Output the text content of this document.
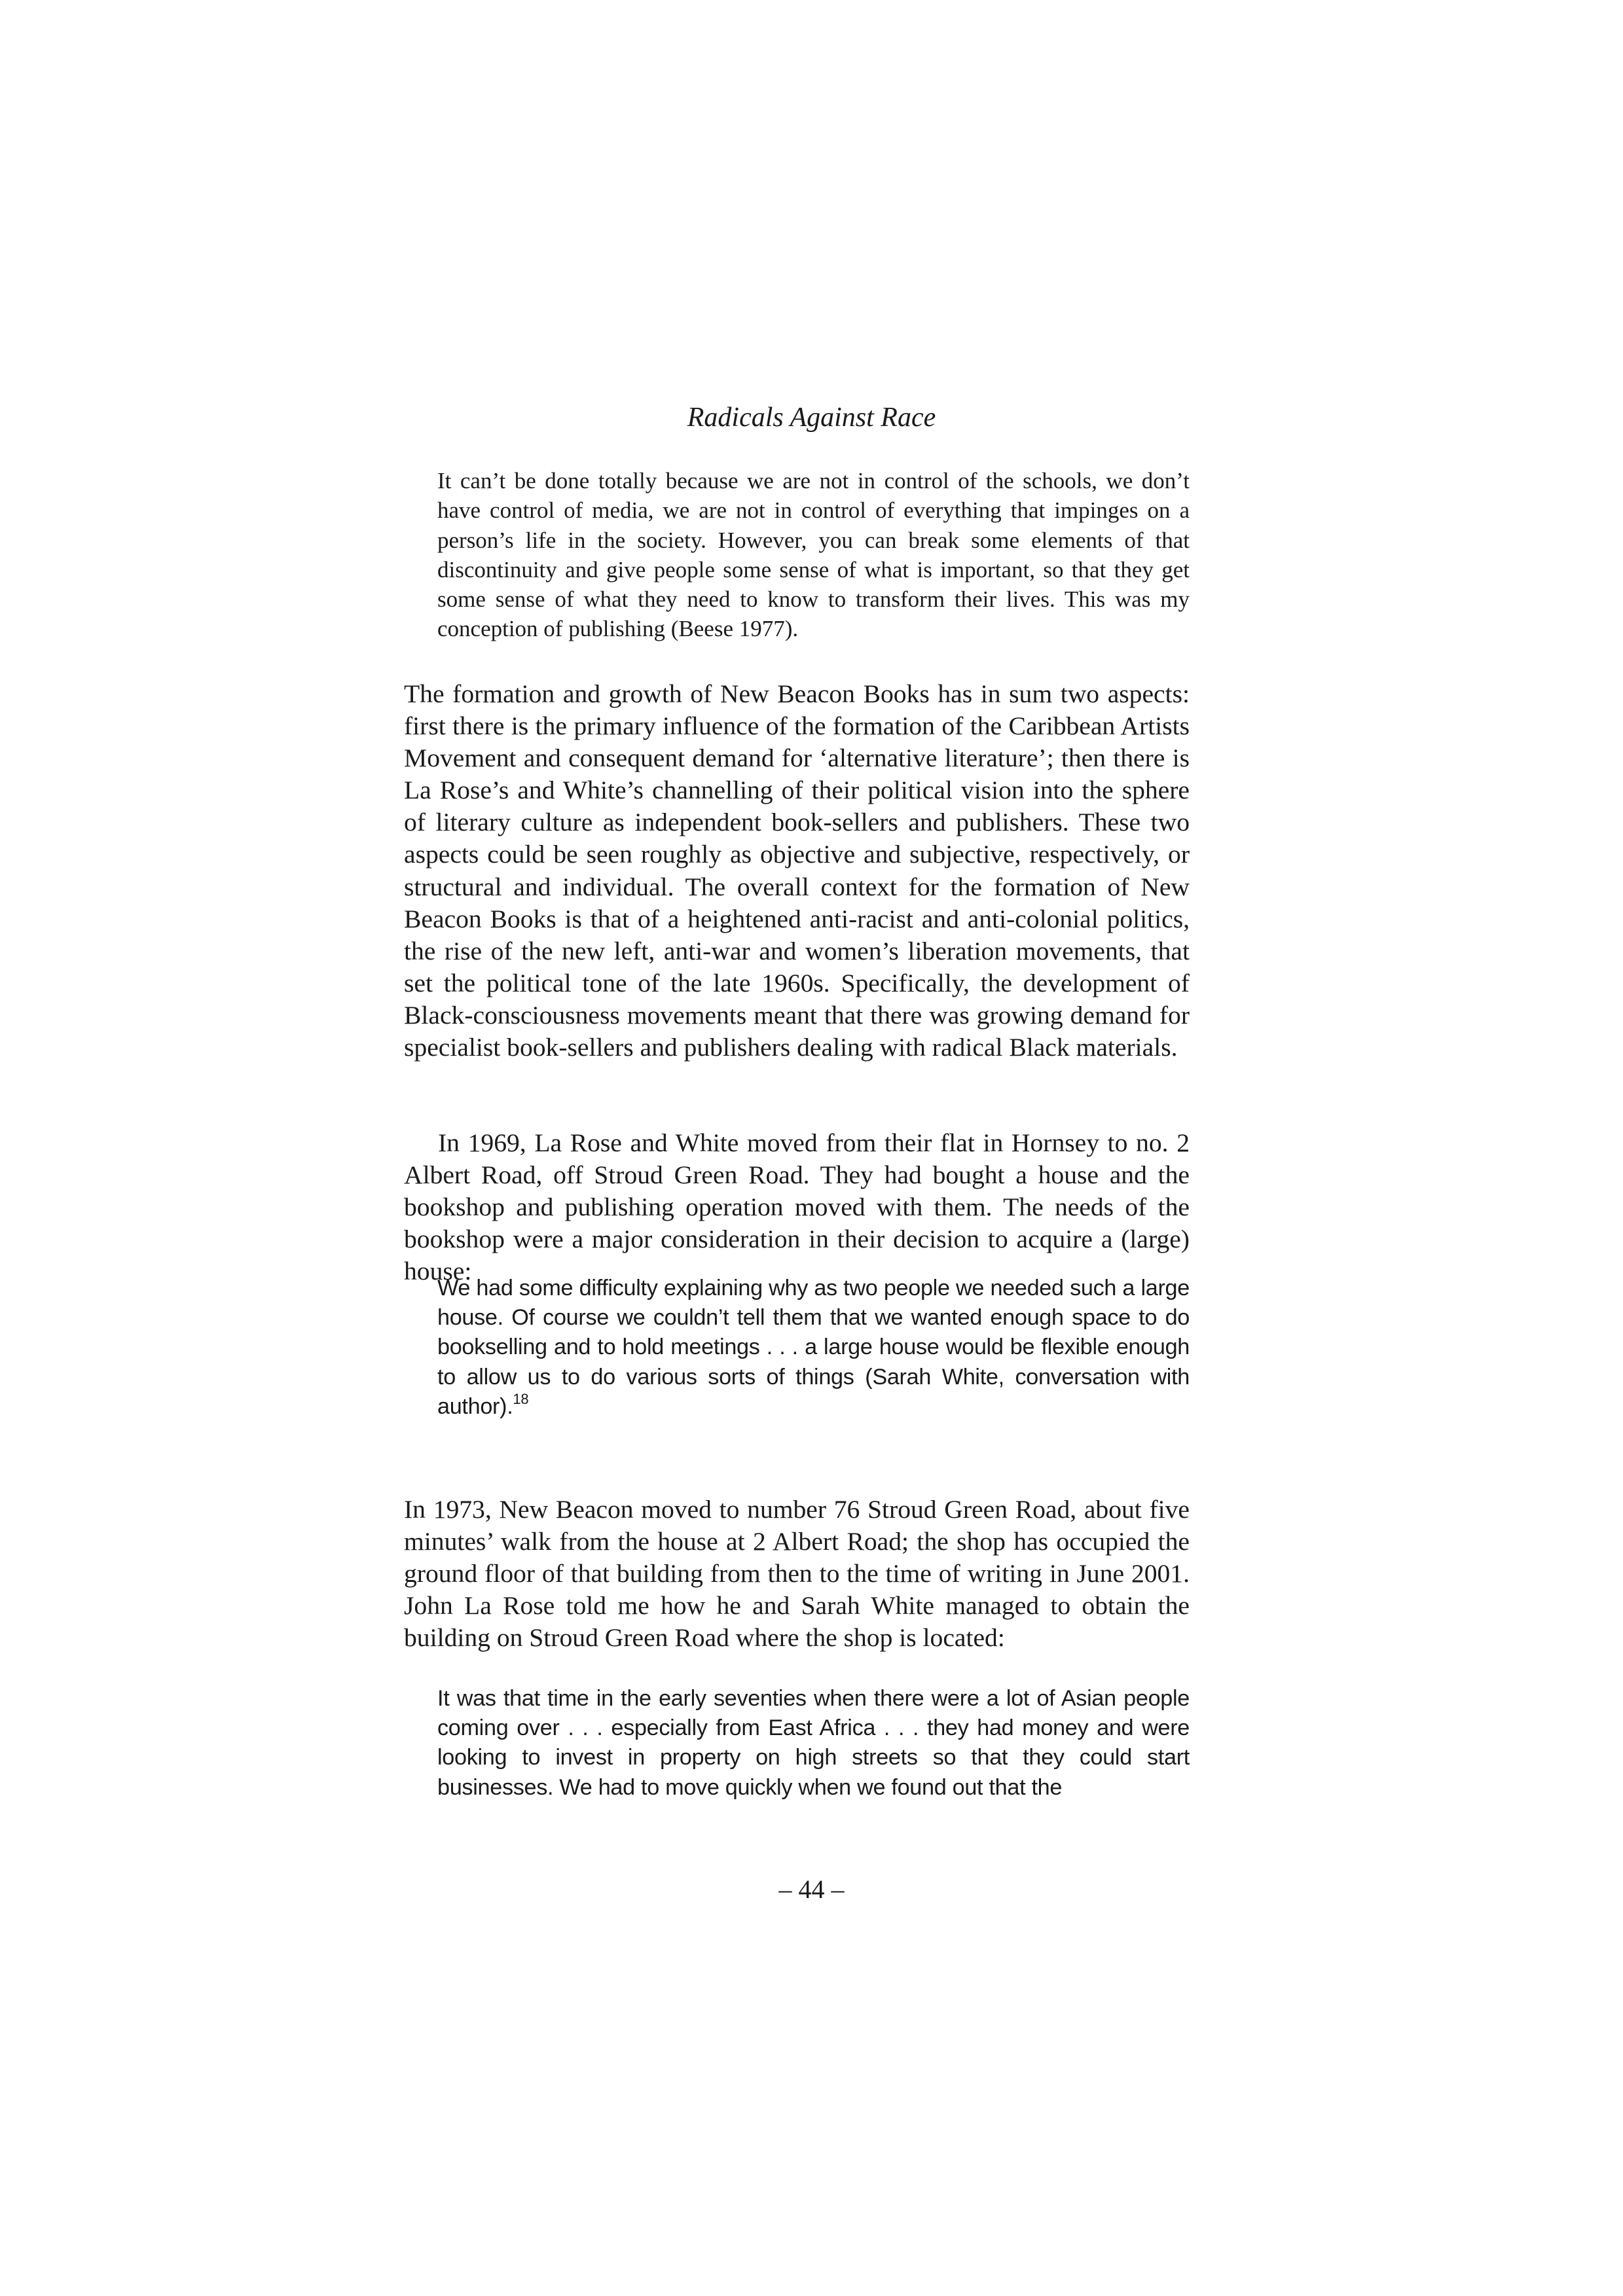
Radicals Against Race

It can’t be done totally because we are not in control of the schools, we don’t have control of media, we are not in control of everything that impinges on a person’s life in the society. However, you can break some elements of that discontinuity and give people some sense of what is important, so that they get some sense of what they need to know to transform their lives. This was my conception of publishing (Beese 1977).

The formation and growth of New Beacon Books has in sum two aspects: first there is the primary influence of the formation of the Caribbean Artists Movement and consequent demand for ‘alternative literature’; then there is La Rose’s and White’s channelling of their political vision into the sphere of literary culture as independent book-sellers and publishers. These two aspects could be seen roughly as objective and subjective, respectively, or structural and individual. The overall context for the formation of New Beacon Books is that of a heightened anti-racist and anti-colonial politics, the rise of the new left, anti-war and women’s liberation movements, that set the political tone of the late 1960s. Specifically, the development of Black-consciousness movements meant that there was growing demand for specialist book-sellers and publishers dealing with radical Black materials.

In 1969, La Rose and White moved from their flat in Hornsey to no. 2 Albert Road, off Stroud Green Road. They had bought a house and the bookshop and publishing operation moved with them. The needs of the bookshop were a major consideration in their decision to acquire a (large) house:

We had some difficulty explaining why as two people we needed such a large house. Of course we couldn’t tell them that we wanted enough space to do bookselling and to hold meetings . . . a large house would be flexible enough to allow us to do various sorts of things (Sarah White, conversation with author).$^{18}$

In 1973, New Beacon moved to number 76 Stroud Green Road, about five minutes’ walk from the house at 2 Albert Road; the shop has occupied the ground floor of that building from then to the time of writing in June 2001. John La Rose told me how he and Sarah White managed to obtain the building on Stroud Green Road where the shop is located:

It was that time in the early seventies when there were a lot of Asian people coming over . . . especially from East Africa . . . they had money and were looking to invest in property on high streets so that they could start businesses. We had to move quickly when we found out that the

– 44 –
